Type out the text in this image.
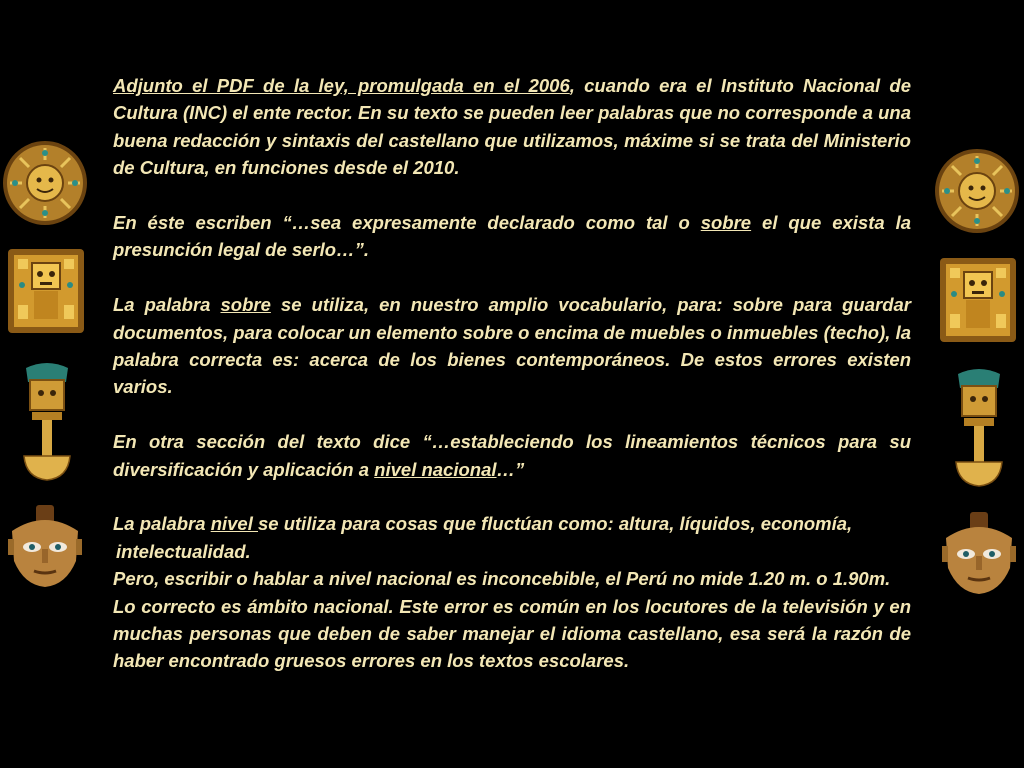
Adjunto el PDF de la ley, promulgada en el 2006, cuando era el Instituto Nacional de Cultura (INC) el ente rector. En su texto se pueden leer palabras que no corresponde a una buena redacción y sintaxis del castellano que utilizamos, máxime si se trata del Ministerio de Cultura, en funciones desde el 2010.

En éste escriben “…sea expresamente declarado como tal o sobre el que exista la presunción legal de serlo…”.

La palabra sobre se utiliza, en nuestro amplio vocabulario, para: sobre para guardar documentos, para colocar un elemento sobre o encima de muebles o inmuebles (techo), la palabra correcta es: acerca de los bienes contemporáneos. De estos errores existen varios.

En otra sección del texto dice “…estableciendo los lineamientos técnicos para su diversificación y aplicación a nivel nacional…”

La palabra nivel se utiliza para cosas que fluctúan como: altura, líquidos, economía,

intelectualidad.

Pero, escribir o hablar a nivel nacional es inconcebible, el Perú no mide 1.20 m. o 1.90m.

Lo correcto es ámbito nacional. Este error es común en los locutores de la televisión y en muchas personas que deben de saber manejar el idioma castellano, esa será la razón de haber encontrado gruesos errores en los textos escolares.
